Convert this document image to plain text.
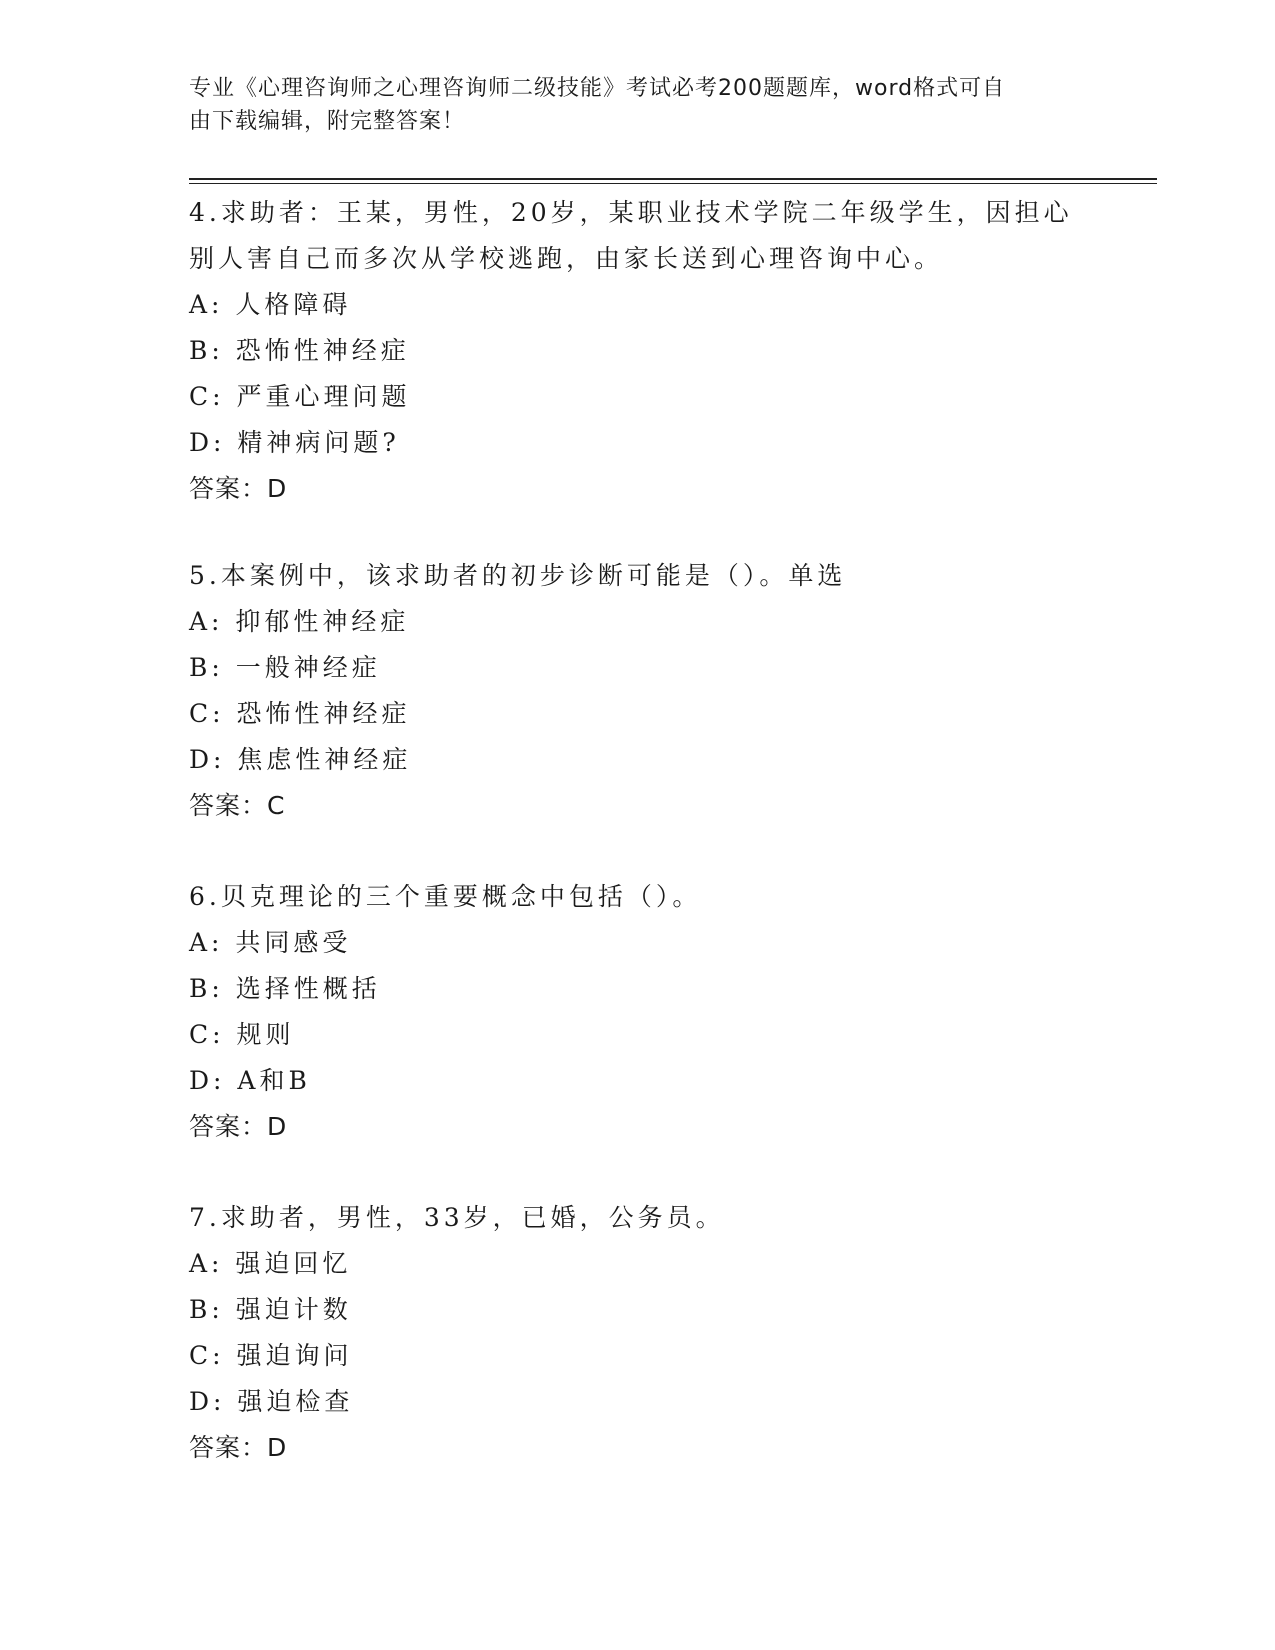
专业《心理咨询师之心理咨询师二级技能》考试必考200题题库，word格式可自
由下载编辑，附完整答案！

4.求助者：王某，男性，20岁，某职业技术学院二年级学生，因担心

别人害自己而多次从学校逃跑，由家长送到心理咨询中心。

A: 人格障碍

B: 恐怖性神经症

C: 严重心理问题

D: 精神病问题?

答案：D

5.本案例中，该求助者的初步诊断可能是（）。单选

A: 抑郁性神经症

B: 一般神经症

C: 恐怖性神经症

D: 焦虑性神经症

答案：C

6.贝克理论的三个重要概念中包括（）。

A: 共同感受

B: 选择性概括

C: 规则

D: A和B

答案：D

7.求助者，男性，33岁，已婚，公务员。

A: 强迫回忆

B: 强迫计数

C: 强迫询问

D: 强迫检查

答案：D
